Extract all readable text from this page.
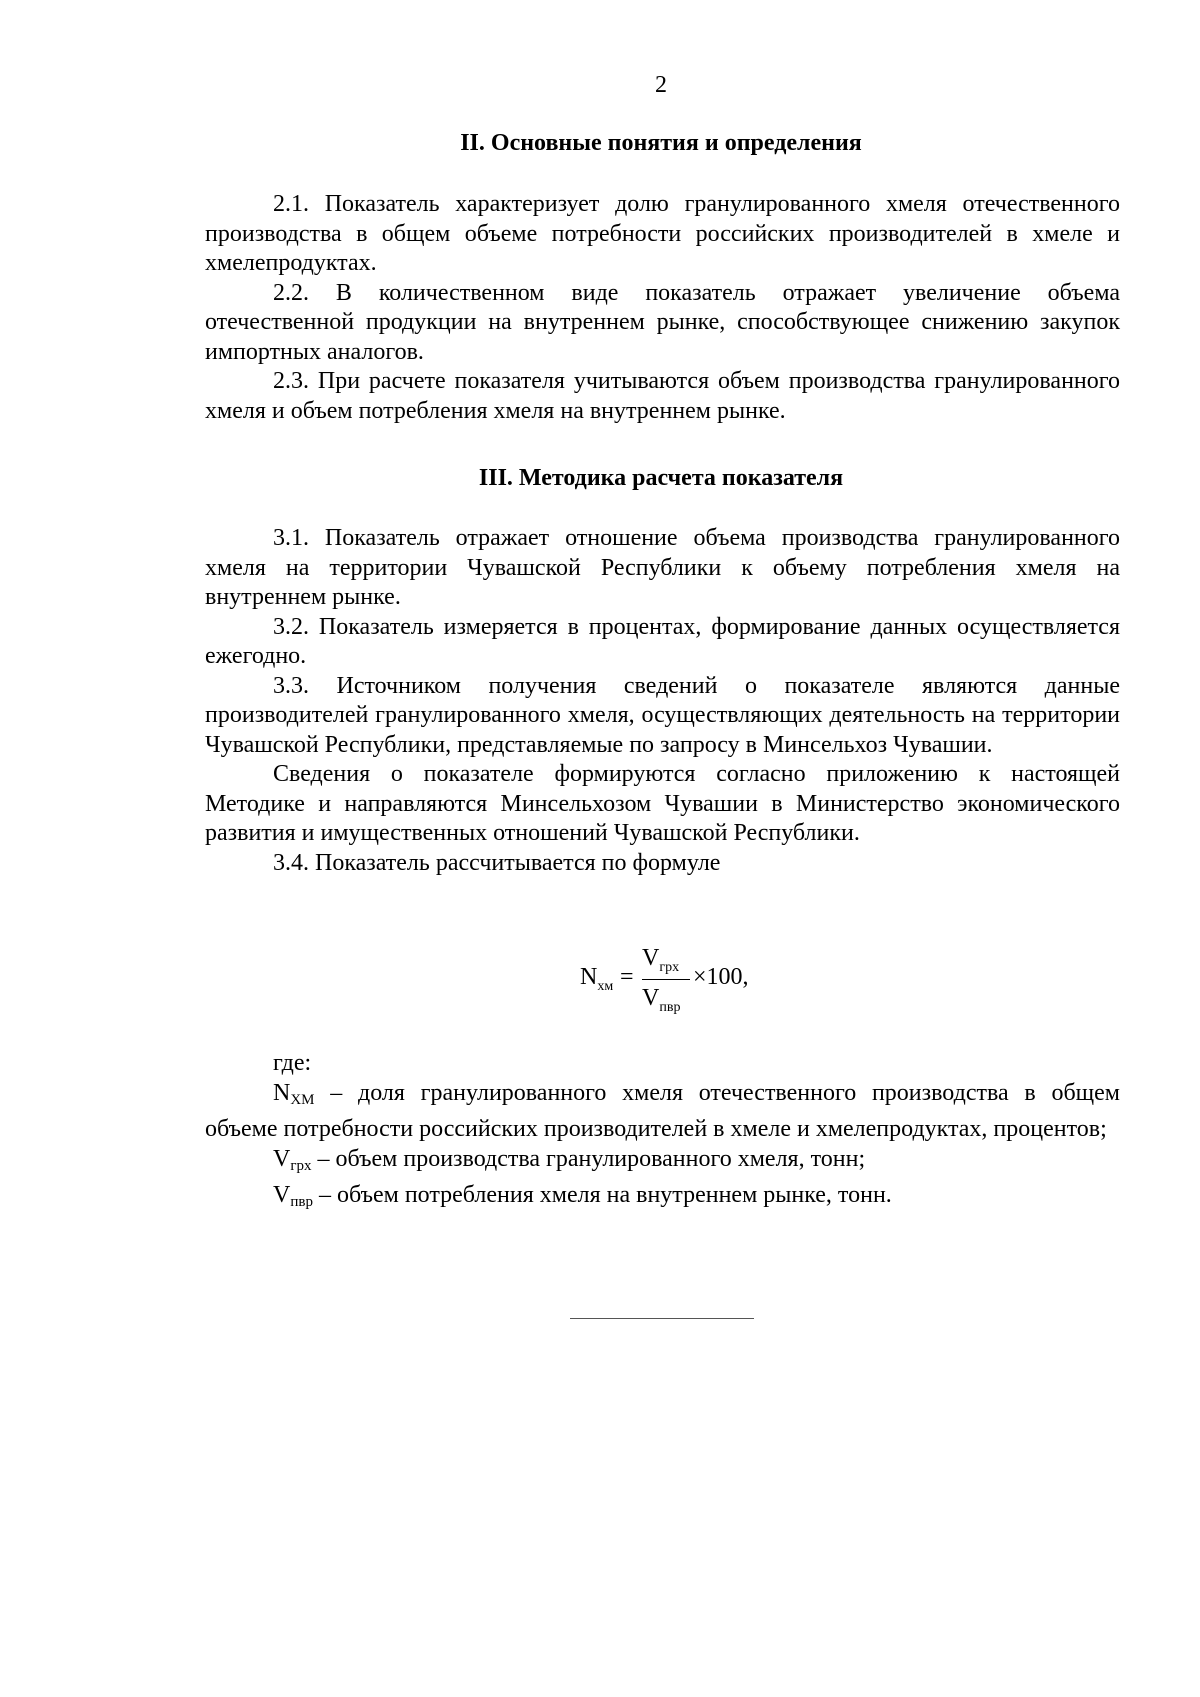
2
II. Основные понятия и определения

2.1. Показатель характеризует долю гранулированного хмеля отечественного производства в общем объеме потребности российских производителей в хмеле и хмелепродуктах.

2.2. В количественном виде показатель отражает увеличение объема отечественной продукции на внутреннем рынке, способствующее снижению закупок импортных аналогов.

2.3. При расчете показателя учитываются объем производства гранулированного хмеля и объем потребления хмеля на внутреннем рынке.

III. Методика расчета показателя

3.1. Показатель отражает отношение объема производства гранулированного хмеля на территории Чувашской Республики к объему потребления хмеля на внутреннем рынке.

3.2. Показатель измеряется в процентах, формирование данных осуществляется ежегодно.

3.3. Источником получения сведений о показателе являются данные производителей гранулированного хмеля, осуществляющих деятельность на территории Чувашской Республики, представляемые по запросу в Минсельхоз Чувашии.

Сведения о показателе формируются согласно приложению к настоящей Методике и направляются Минсельхозом Чувашии в Министерство экономического развития и имущественных отношений Чувашской Республики.

3.4. Показатель рассчитывается по формуле

$N_{хм}$ =
$V_{грх}$
$V_{пвр}$
×100,

где:

$N_{ХМ}$ – доля гранулированного хмеля отечественного производства в общем объеме потребности российских производителей в хмеле и хмелепродуктах, процентов;

$V_{грх}$ – объем производства гранулированного хмеля, тонн;

$V_{пвр}$ – объем потребления хмеля на внутреннем рынке, тонн.
